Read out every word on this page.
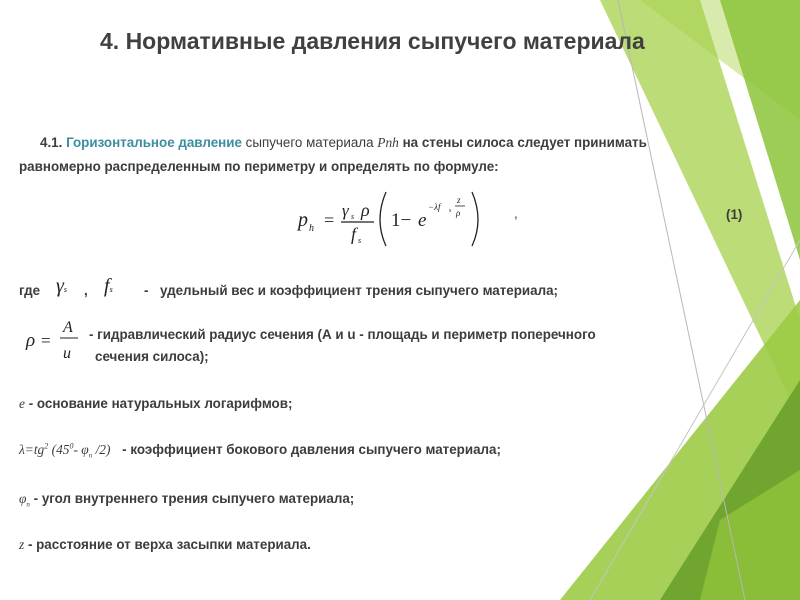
4. Нормативные давления сыпучего материала
4.1. Горизонтальное давление сыпучего материала Pnh на стены силоса следует принимать
равномерно распределенным по периметру и определять по формуле:
p h = γ s ρ
f s
1− e
−λf s
z
ρ	,	(1)
где γs , fs - удельный вес и коэффициент трения сыпучего материала;
ρ =
A
u
- гидравлический радиус сечения (А и u - площадь и периметр поперечного
сечения силоса);
e - основание натуральных логарифмов;
$\lambda=tg^2$ ($45^0-$ $\varphi_n$ /2) - коэффициент бокового давления сыпучего материала;
$\varphi_n$ - угол внутреннего трения сыпучего материала;
z - расстояние от верха засыпки материала.
